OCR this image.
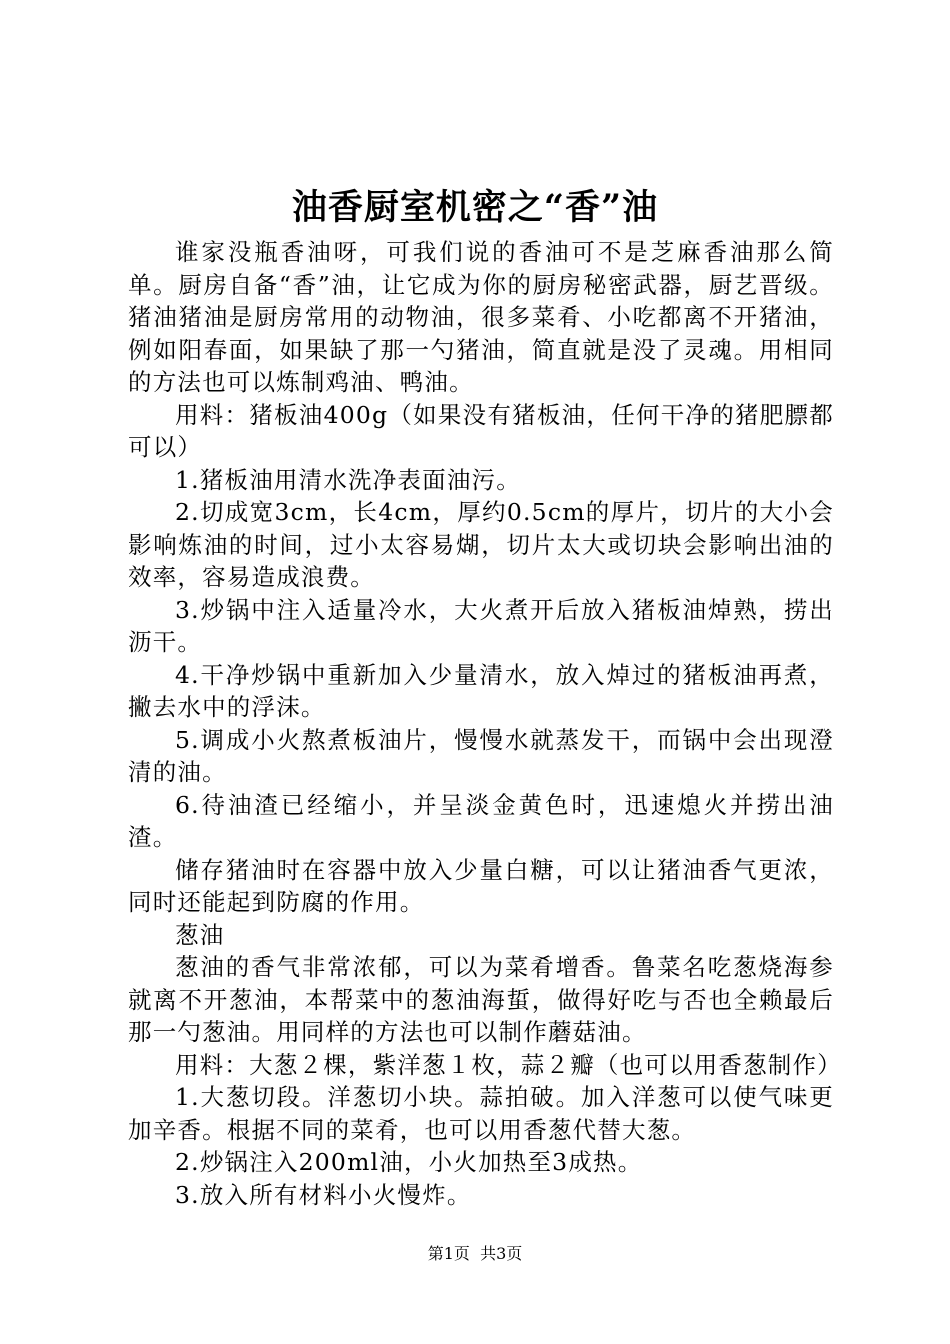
油香厨室机密之“香”油

谁家没瓶香油呀，可我们说的香油可不是芝麻香油那么简单。厨房自备“香”油，让它成为你的厨房秘密武器，厨艺晋级。猪油猪油是厨房常用的动物油，很多菜肴、小吃都离不开猪油，例如阳春面，如果缺了那一勺猪油，简直就是没了灵魂。用相同的方法也可以炼制鸡油、鸭油。

用料：猪板油400g（如果没有猪板油，任何干净的猪肥膘都可以）

1.猪板油用清水洗净表面油污。

2.切成宽3cm，长4cm，厚约0.5cm的厚片，切片的大小会影响炼油的时间，过小太容易煳，切片太大或切块会影响出油的效率，容易造成浪费。

3.炒锅中注入适量冷水，大火煮开后放入猪板油焯熟，捞出沥干。

4.干净炒锅中重新加入少量清水，放入焯过的猪板油再煮，撇去水中的浮沫。

5.调成小火熬煮板油片，慢慢水就蒸发干，而锅中会出现澄清的油。

6.待油渣已经缩小，并呈淡金黄色时，迅速熄火并捞出油渣。

储存猪油时在容器中放入少量白糖，可以让猪油香气更浓，同时还能起到防腐的作用。

葱油

葱油的香气非常浓郁，可以为菜肴增香。鲁菜名吃葱烧海参就离不开葱油，本帮菜中的葱油海蜇，做得好吃与否也全赖最后那一勺葱油。用同样的方法也可以制作蘑菇油。

用料：大葱２棵，紫洋葱１枚，蒜２瓣（也可以用香葱制作）

1.大葱切段。洋葱切小块。蒜拍破。加入洋葱可以使气味更加辛香。根据不同的菜肴，也可以用香葱代替大葱。

2.炒锅注入200ml油，小火加热至3成热。

3.放入所有材料小火慢炸。

第1页 共3页
